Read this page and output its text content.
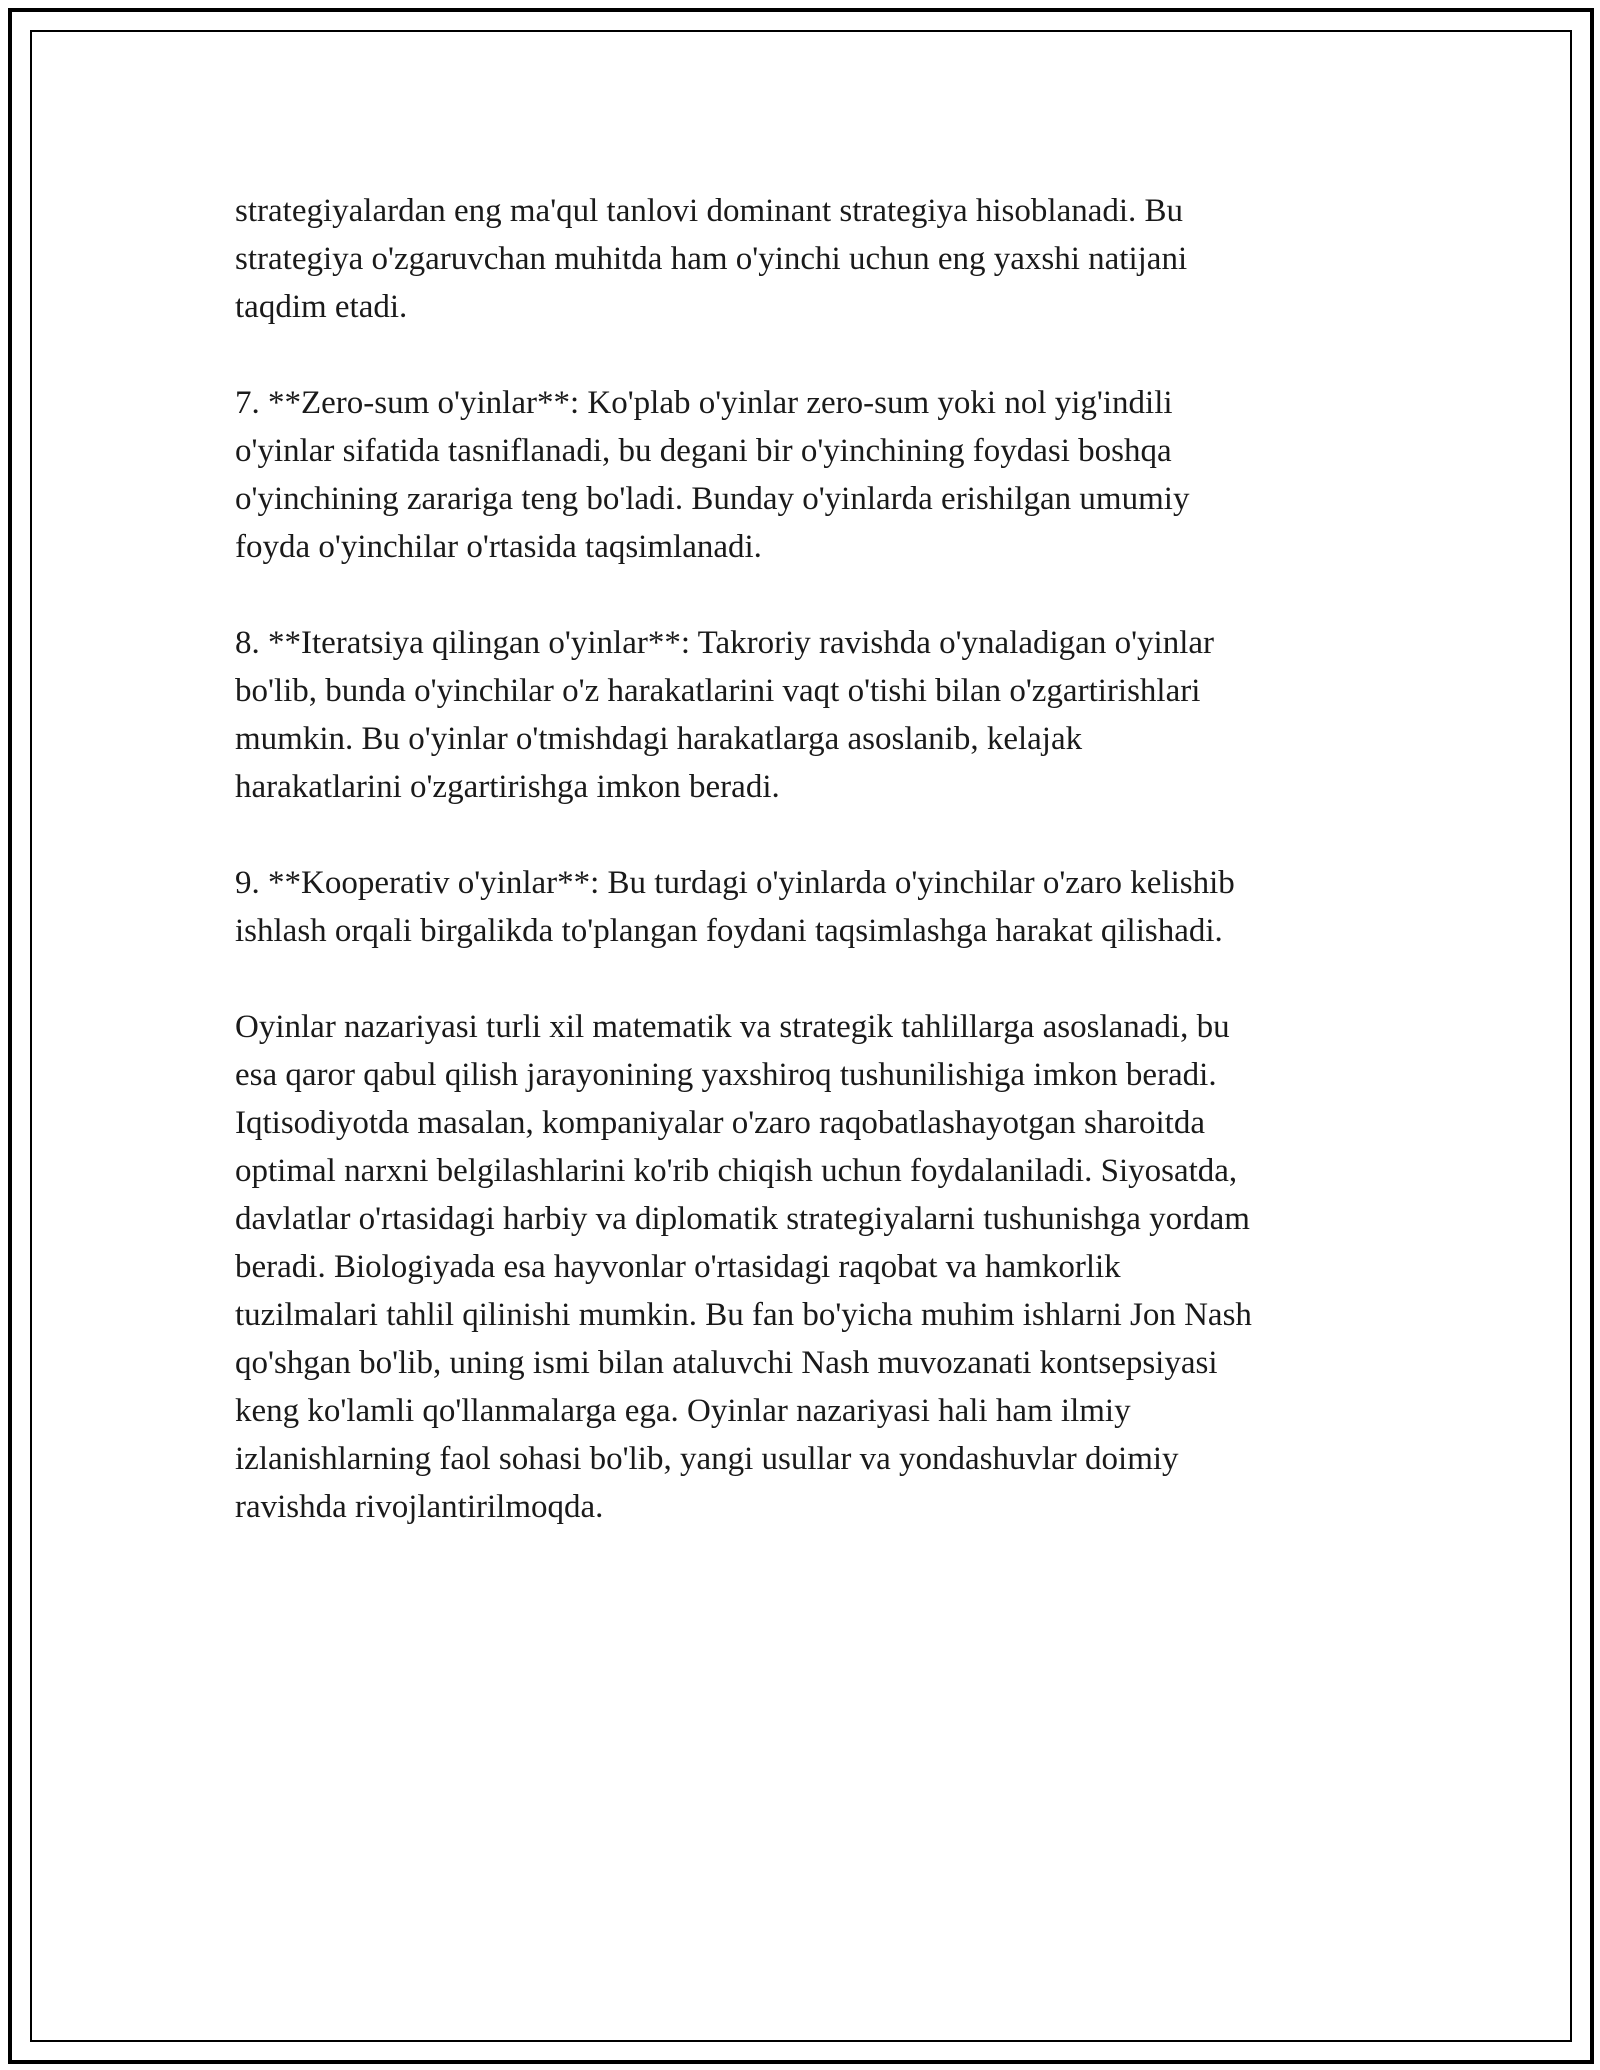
strategiyalardan eng ma'qul tanlovi dominant strategiya hisoblanadi. Bu
strategiya o'zgaruvchan muhitda ham o'yinchi uchun eng yaxshi natijani
taqdim etadi.
7. **Zero-sum o'yinlar**: Ko'plab o'yinlar zero-sum yoki nol yig'indili
o'yinlar sifatida tasniflanadi, bu degani bir o'yinchining foydasi boshqa
o'yinchining zarariga teng bo'ladi. Bunday o'yinlarda erishilgan umumiy
foyda o'yinchilar o'rtasida taqsimlanadi.
8. **Iteratsiya qilingan o'yinlar**: Takroriy ravishda o'ynaladigan o'yinlar
bo'lib, bunda o'yinchilar o'z harakatlarini vaqt o'tishi bilan o'zgartirishlari
mumkin. Bu o'yinlar o'tmishdagi harakatlarga asoslanib, kelajak
harakatlarini o'zgartirishga imkon beradi.
9. **Kooperativ o'yinlar**: Bu turdagi o'yinlarda o'yinchilar o'zaro kelishib
ishlash orqali birgalikda to'plangan foydani taqsimlashga harakat qilishadi.
Oyinlar nazariyasi turli xil matematik va strategik tahlillarga asoslanadi, bu
esa qaror qabul qilish jarayonining yaxshiroq tushunilishiga imkon beradi.
Iqtisodiyotda masalan, kompaniyalar o'zaro raqobatlashayotgan sharoitda
optimal narxni belgilashlarini ko'rib chiqish uchun foydalaniladi. Siyosatda,
davlatlar o'rtasidagi harbiy va diplomatik strategiyalarni tushunishga yordam
beradi. Biologiyada esa hayvonlar o'rtasidagi raqobat va hamkorlik
tuzilmalari tahlil qilinishi mumkin. Bu fan bo'yicha muhim ishlarni Jon Nash
qo'shgan bo'lib, uning ismi bilan ataluvchi Nash muvozanati kontsepsiyasi
keng ko'lamli qo'llanmalarga ega. Oyinlar nazariyasi hali ham ilmiy
izlanishlarning faol sohasi bo'lib, yangi usullar va yondashuvlar doimiy
ravishda rivojlantirilmoqda.
